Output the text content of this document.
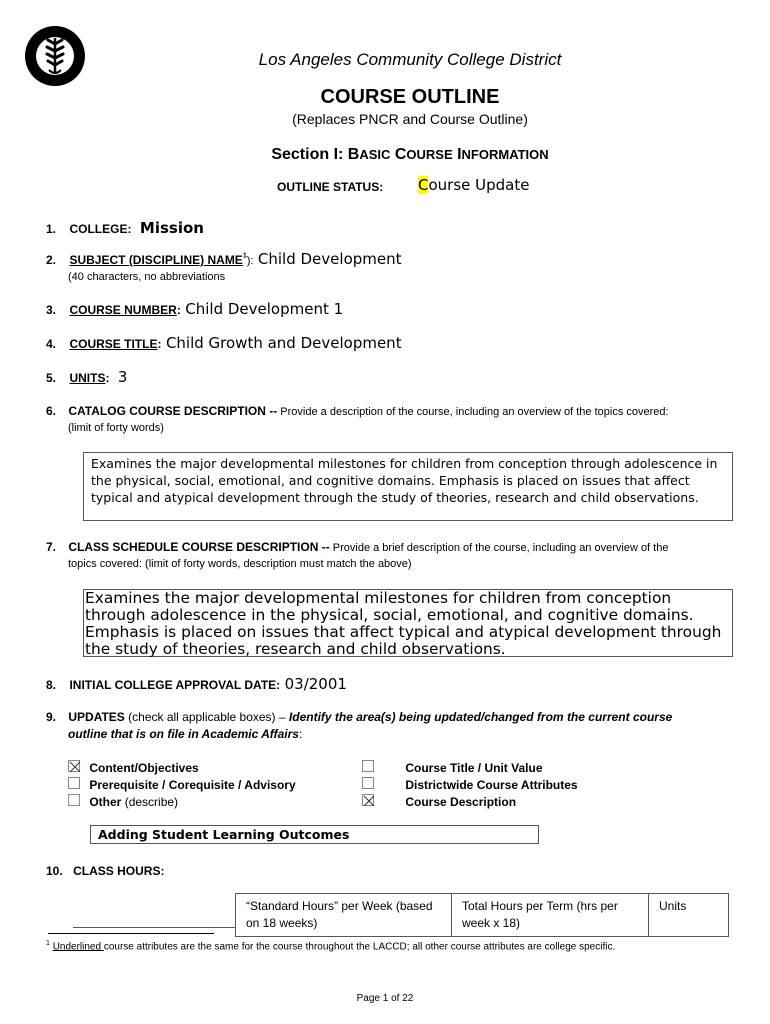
Los Angeles Community College District
COURSE OUTLINE
(Replaces PNCR and Course Outline)
Section I: BASIC COURSE INFORMATION
OUTLINE STATUS: Course Update
1. COLLEGE: Mission
2. SUBJECT (DISCIPLINE) NAME$^1$): Child Development
(40 characters, no abbreviations
3. COURSE NUMBER: Child Development 1
4. COURSE TITLE: Child Growth and Development
5. UNITS: 3
6. CATALOG COURSE DESCRIPTION -- Provide a description of the course, including an overview of the topics covered:
(limit of forty words)
Examines the major developmental milestones for children from conception through adolescence in the physical, social, emotional, and cognitive domains. Emphasis is placed on issues that affect typical and atypical development through the study of theories, research and child observations.
7. CLASS SCHEDULE COURSE DESCRIPTION -- Provide a brief description of the course, including an overview of the
topics covered: (limit of forty words, description must match the above)
Examines the major developmental milestones for children from conception through adolescence in the physical, social, emotional, and cognitive domains. Emphasis is placed on issues that affect typical and atypical development through the study of theories, research and child observations.
8. INITIAL COLLEGE APPROVAL DATE: 03/2001
9. UPDATES (check all applicable boxes) – Identify the area(s) being updated/changed from the current course
outline that is on file in Academic Affairs:
Content/Objectives
Prerequisite / Corequisite / Advisory
Other (describe)
Course Title / Unit Value
Districtwide Course Attributes
Course Description
Adding Student Learning Outcomes
10. CLASS HOURS:
“Standard Hours” per Week (based on 18 weeks)	Total Hours per Term (hrs per week x 18)	Units
$^1$ Underlined course attributes are the same for the course throughout the LACCD; all other course attributes are college specific.
Page 1 of 22
